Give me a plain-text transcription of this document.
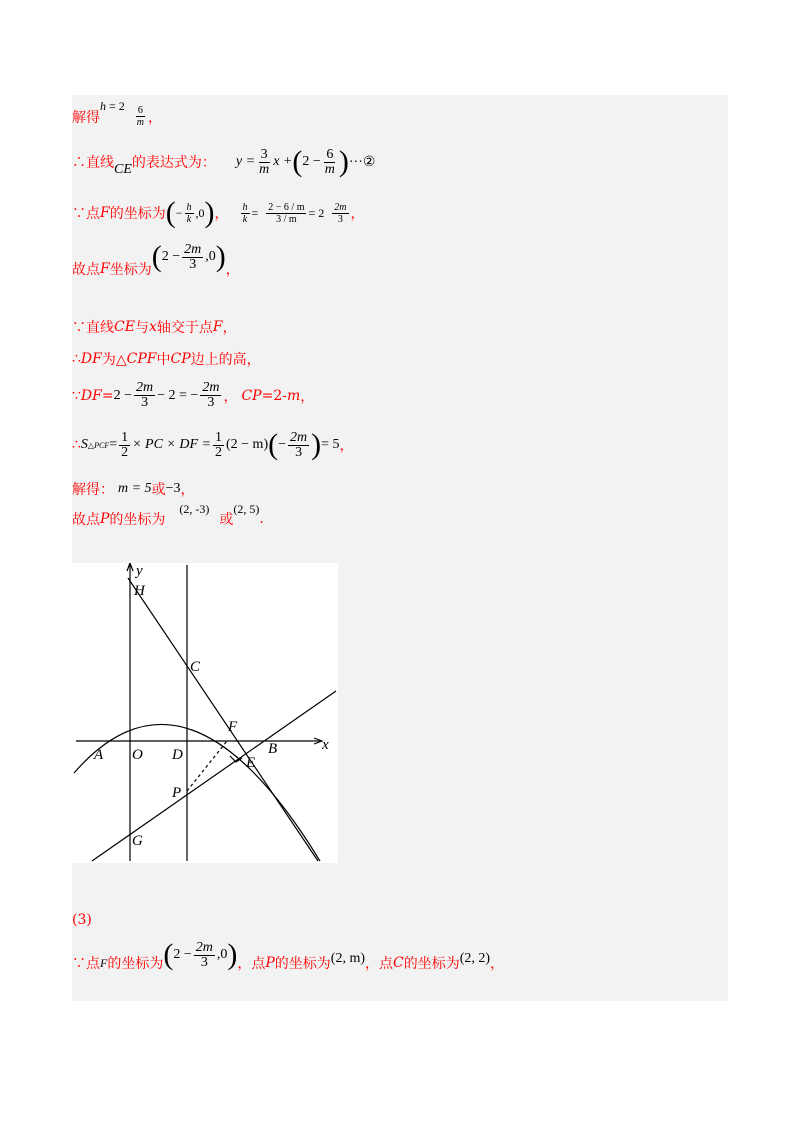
解得
$h = 2 \frac{6}{m}$ ，
∴直线 CE 的表达式为： $y = \frac{3}{m}$ x + ( $2 - \frac{6}{m}$ ) ···②
∵点 F 的坐标为 ( − $\frac{h}{k} ,0$ ) ， $\frac{h}{k} = \frac{2 - 6 / m}{3 / m} = 2 \frac{2m}{3}$ ，
故点 F 坐标为 ( $2 - \frac{2m}{3} ,0$ ) ，
∵直线 CE 与 x 轴交于点 F ，
∴ DF 为△ CPF 中 CP 边上的高，
∵ DF = $2 - \frac{2m}{3} - 2$ = − $\frac{2m}{3}$ ， CP =2- m ，
∴ S △PCF = $\frac{1}{2}$ × PC × DF = $\frac{1}{2} (2 - m)$ ( − $\frac{2m}{3}$ ) = 5 ，
解得： m = 5 或 −3 ，
故点 P 的坐标为
(2, -3)
或
(2, 5)
.
y
x
H
C
F
A O D	B
E
P
G
(3)
∵点 F 的坐标为 ( $2 - \frac{2m}{3} ,0$ ) ，点 P 的坐标为 (2, m) ，点 C 的坐标为 (2, 2) ，
